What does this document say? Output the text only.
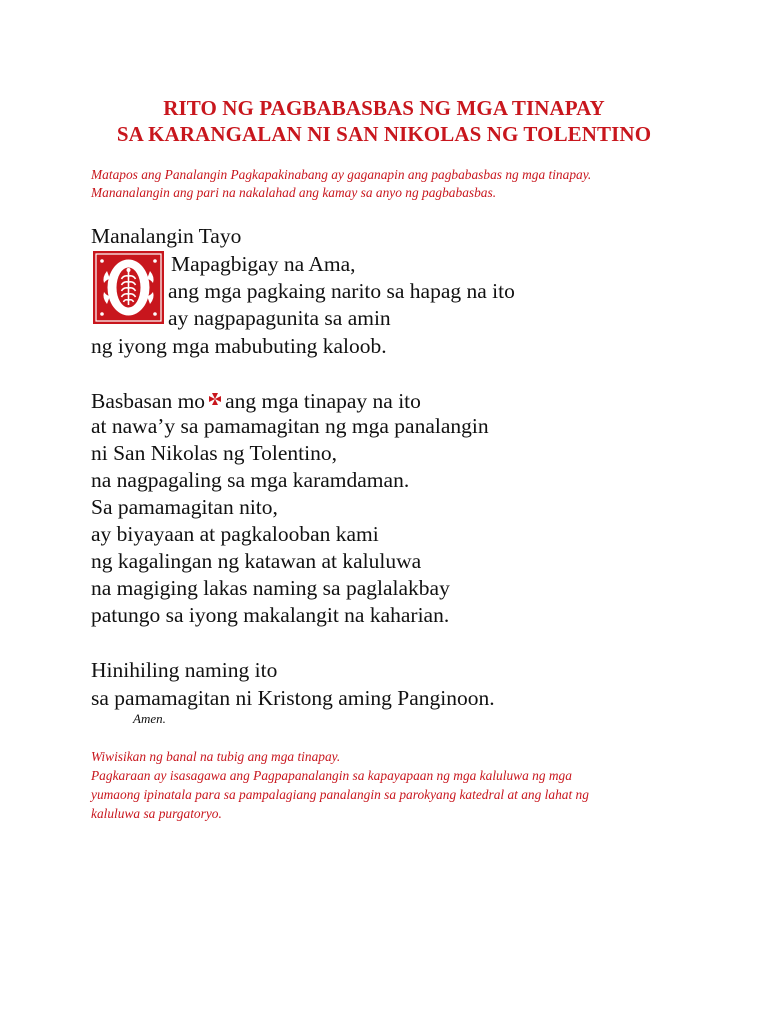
RITO NG PAGBABASBAS NG MGA TINAPAY
SA KARANGALAN NI SAN NIKOLAS NG TOLENTINO
Matapos ang Panalangin Pagkapakinabang ay gaganapin ang pagbabasbas ng mga tinapay.
Mananalangin ang pari na nakalahad ang kamay sa anyo ng pagbabasbas.
Manalangin Tayo
Mapagbigay na Ama,
ang mga pagkaing narito sa hapag na ito
ay nagpapagunita sa amin
ng iyong mga mabubuting kaloob.
Basbasan mo ang mga tinapay na ito
at nawa’y sa pamamagitan ng mga panalangin
ni San Nikolas ng Tolentino,
na nagpagaling sa mga karamdaman.
Sa pamamagitan nito,
ay biyayaan at pagkalooban kami
ng kagalingan ng katawan at kaluluwa
na magiging lakas naming sa paglalakbay
patungo sa iyong makalangit na kaharian.
Hinihiling naming ito
sa pamamagitan ni Kristong aming Panginoon.
Amen.
Wiwisikan ng banal na tubig ang mga tinapay.
Pagkaraan ay isasagawa ang Pagpapanalangin sa kapayapaan ng mga kaluluwa ng mga
yumaong ipinatala para sa pampalagiang panalangin sa parokyang katedral at ang lahat ng
kaluluwa sa purgatoryo.
